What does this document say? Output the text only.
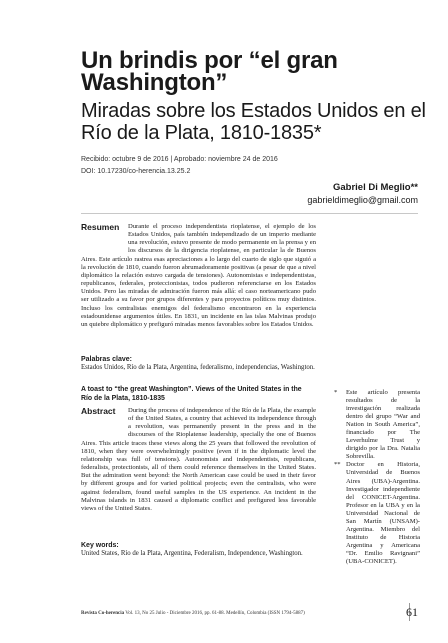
Un brindis por “el gran Washington”
Miradas sobre los Estados Unidos en el Río de la Plata, 1810-1835*
Recibido: octubre 9 de 2016 | Aprobado: noviembre 24 de 2016
DOI: 10.17230/co-herencia.13.25.2
Gabriel Di Meglio**
gabrieldimeglio@gmail.com
Resumen	Durante el proceso independentista rioplatense, el ejemplo de los Estados Unidos, país también independizado de un imperio mediante una revolución, estuvo presente de modo permanente en la prensa y en los discursos de la dirigencia rioplatense, en particular la de Buenos Aires. Este artículo rastrea esas apreciaciones a lo largo del cuarto de siglo que siguió a la revolución de 1810, cuando fueron abrumadoramente positivas (a pesar de que a nivel diplomático la relación estuvo cargada de tensiones). Autonomistas e independentistas, republicanos, federales, proteccionistas, todos pudieron referenciarse en los Estados Unidos. Pero las miradas de admiración fueron más allá: el caso norteamericano pudo ser utilizado a su favor por grupos diferentes y para proyectos políticos muy distintos. Incluso los centralistas enemigos del federalismo encontraron en la experiencia estadounidense argumentos útiles. En 1831, un incidente en las islas Malvinas produjo un quiebre diplomático y prefiguró miradas menos favorables sobre los Estados Unidos.
Palabras clave:
Estados Unidos, Río de la Plata, Argentina, federalismo, independencias, Washington.
A toast to “the great Washington”. Views of the United States in the Río de la Plata, 1810-1835
Abstract	During the process of independence of the Río de la Plata, the example of the United States, a country that achieved its independence through a revolution, was permanently present in the press and in the discourses of the Rioplatense leadership, specially the one of Buenos Aires. This article traces these views along the 25 years that followed the revolution of 1810, when they were overwhelmingly positive (even if in the diplomatic level the relationship was full of tensions). Autonomists and independentists, republicans, federalists, protectionists, all of them could reference themselves in the United States. But the admiration went beyond: the North American case could be used in their favor by different groups and for varied political projects; even the centralists, who were against federalism, found useful samples in the US experience. An incident in the Malvinas islands in 1831 caused a diplomatic conflict and prefigured less favorable views of the United States.
Key words:
United States, Río de la Plata, Argentina, Federalism, Independence, Washington.
*	Este artículo presenta resultados de la investigación realizada dentro del grupo “War and Nation in South America”, financiado por The Leverhulme Trust y dirigido por la Dra. Natalia Sobrevilla.
** Doctor en Historia, Universidad de Buenos Aires (UBA)-Argentina. Investigador independiente del CONICET-Argentina. Profesor en la UBA y en la Universidad Nacional de San Martín (UNSAM)-Argentina. Miembro del Instituto de Historia Argentina y Americana “Dr. Emilio Ravignani” (UBA-CONICET).
Revista Co-herencia Vol. 13, No 25 Julio - Diciembre 2016, pp. 61-88. Medellín, Colombia (ISSN 1794-5887)	61
